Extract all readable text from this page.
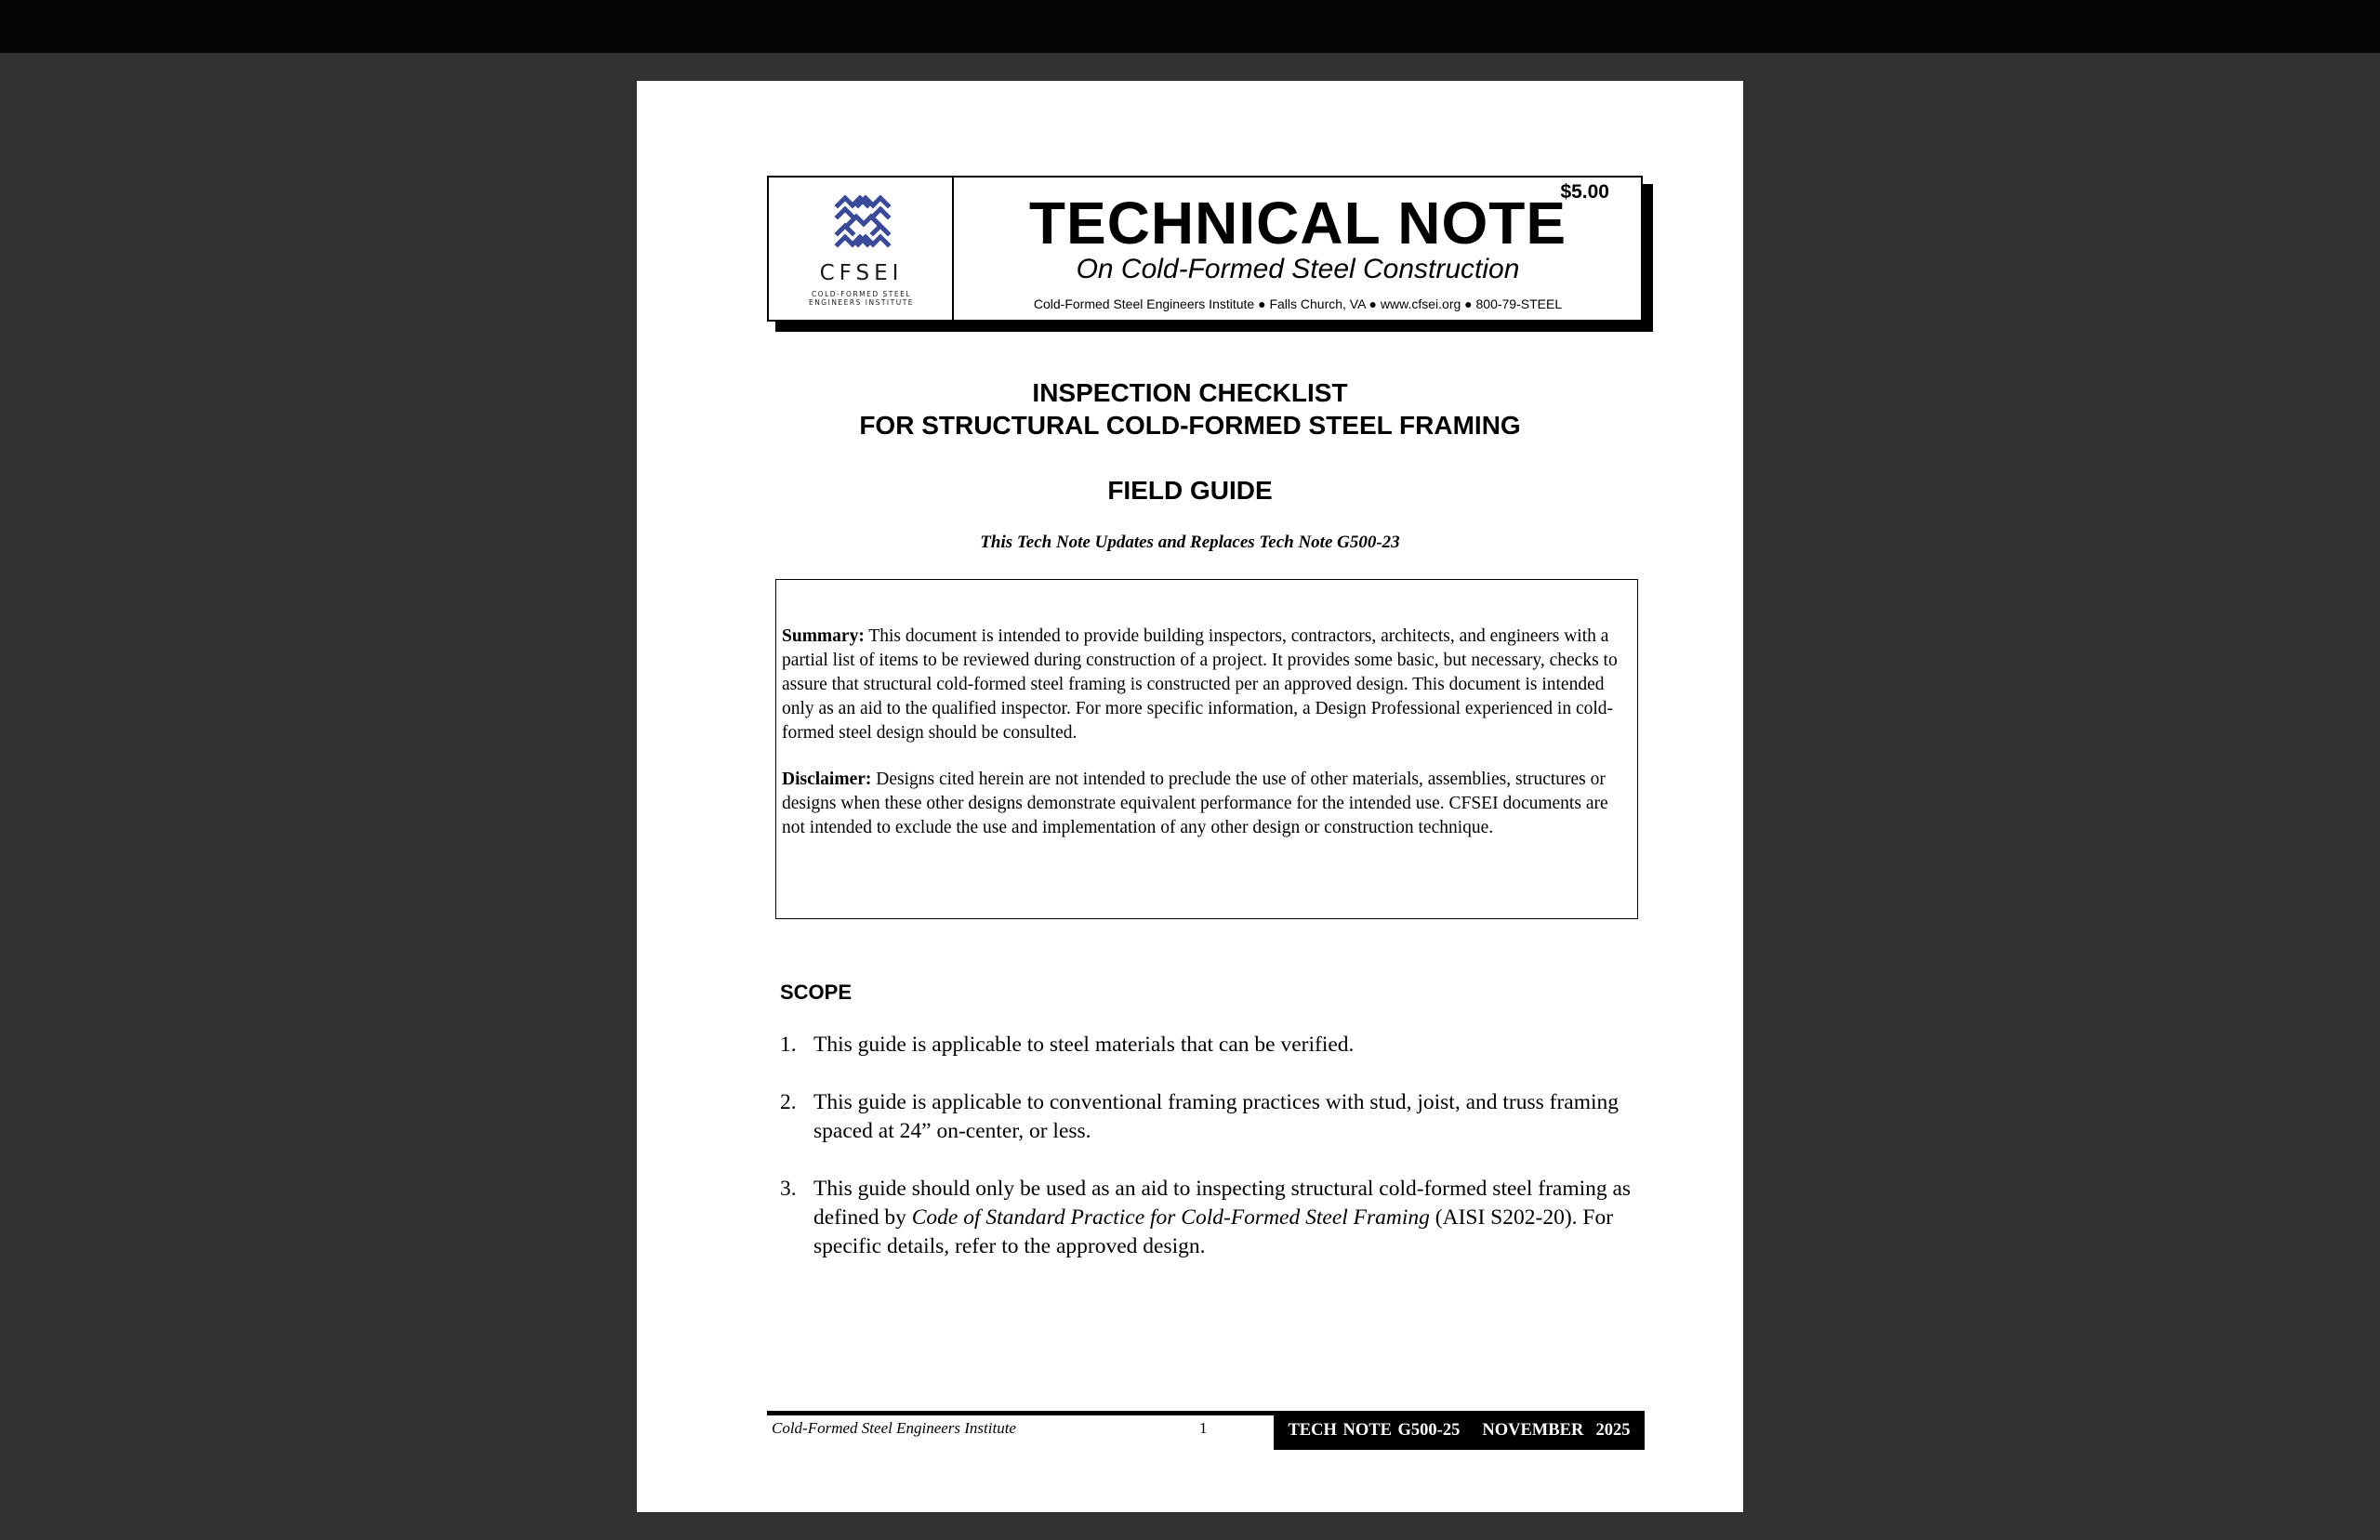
CFSEI
COLD-FORMED STEEL
ENGINEERS INSTITUTE
$5.00
TECHNICAL NOTE
On Cold-Formed Steel Construction
Cold-Formed Steel Engineers Institute ● Falls Church, VA ● www.cfsei.org ● 800-79-STEEL
INSPECTION CHECKLIST
FOR STRUCTURAL COLD-FORMED STEEL FRAMING
FIELD GUIDE
This Tech Note Updates and Replaces Tech Note G500-23

Summary: This document is intended to provide building inspectors, contractors, architects, and engineers with a partial list of items to be reviewed during construction of a project. It provides some basic, but necessary, checks to assure that structural cold-formed steel framing is constructed per an approved design. This document is intended only as an aid to the qualified inspector. For more specific information, a Design Professional experienced in cold-formed steel design should be consulted.

Disclaimer: Designs cited herein are not intended to preclude the use of other materials, assemblies, structures or designs when these other designs demonstrate equivalent performance for the intended use. CFSEI documents are not intended to exclude the use and implementation of any other design or construction technique.

SCOPE
1. This guide is applicable to steel materials that can be verified.
2. This guide is applicable to conventional framing practices with stud, joist, and truss framing spaced at 24” on-center, or less.
3. This guide should only be used as an aid to inspecting structural cold-formed steel framing as defined by Code of Standard Practice for Cold-Formed Steel Framing (AISI S202-20). For specific details, refer to the approved design.
Cold-Formed Steel Engineers Institute	1	TECH NOTE G500-25 NOVEMBER  2025
